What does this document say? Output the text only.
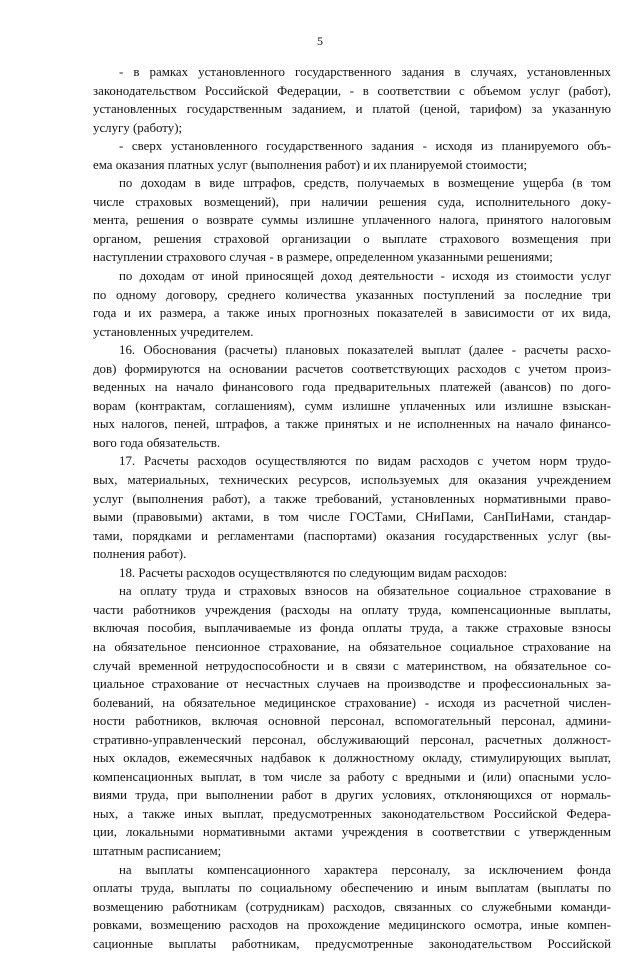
5
- в рамках установленного государственного задания в случаях, установленных
законодательством Российской Федерации, - в соответствии с объемом услуг (работ),
установленных государственным заданием, и платой (ценой, тарифом) за указанную
услугу (работу);
- сверх установленного государственного задания - исходя из планируемого объ-
ема оказания платных услуг (выполнения работ) и их планируемой стоимости;
по доходам в виде штрафов, средств, получаемых в возмещение ущерба (в том
числе страховых возмещений), при наличии решения суда, исполнительного доку-
мента, решения о возврате суммы излишне уплаченного налога, принятого налоговым
органом, решения страховой организации о выплате страхового возмещения при
наступлении страхового случая - в размере, определенном указанными решениями;
по доходам от иной приносящей доход деятельности - исходя из стоимости услуг
по одному договору, среднего количества указанных поступлений за последние три
года и их размера, а также иных прогнозных показателей в зависимости от их вида,
установленных учредителем.
16. Обоснования (расчеты) плановых показателей выплат (далее - расчеты расхо-
дов) формируются на основании расчетов соответствующих расходов с учетом произ-
веденных на начало финансового года предварительных платежей (авансов) по дого-
ворам (контрактам, соглашениям), сумм излишне уплаченных или излишне взыскан-
ных налогов, пеней, штрафов, а также принятых и не исполненных на начало финансо-
вого года обязательств.
17. Расчеты расходов осуществляются по видам расходов с учетом норм трудо-
вых, материальных, технических ресурсов, используемых для оказания учреждением
услуг (выполнения работ), а также требований, установленных нормативными право-
выми (правовыми) актами, в том числе ГОСТами, СНиПами, СанПиНами, стандар-
тами, порядками и регламентами (паспортами) оказания государственных услуг (вы-
полнения работ).
18. Расчеты расходов осуществляются по следующим видам расходов:
на оплату труда и страховых взносов на обязательное социальное страхование в
части работников учреждения (расходы на оплату труда, компенсационные выплаты,
включая пособия, выплачиваемые из фонда оплаты труда, а также страховые взносы
на обязательное пенсионное страхование, на обязательное социальное страхование на
случай временной нетрудоспособности и в связи с материнством, на обязательное со-
циальное страхование от несчастных случаев на производстве и профессиональных за-
болеваний, на обязательное медицинское страхование) - исходя из расчетной числен-
ности работников, включая основной персонал, вспомогательный персонал, админи-
стративно-управленческий персонал, обслуживающий персонал, расчетных должност-
ных окладов, ежемесячных надбавок к должностному окладу, стимулирующих выплат,
компенсационных выплат, в том числе за работу с вредными и (или) опасными усло-
виями труда, при выполнении работ в других условиях, отклоняющихся от нормаль-
ных, а также иных выплат, предусмотренных законодательством Российской Федера-
ции, локальными нормативными актами учреждения в соответствии с утвержденным
штатным расписанием;
на выплаты компенсационного характера персоналу, за исключением фонда
оплаты труда, выплаты по социальному обеспечению и иным выплатам (выплаты по
возмещению работникам (сотрудникам) расходов, связанных со служебными команди-
ровками, возмещению расходов на прохождение медицинского осмотра, иные компен-
сационные выплаты работникам, предусмотренные законодательством Российской
